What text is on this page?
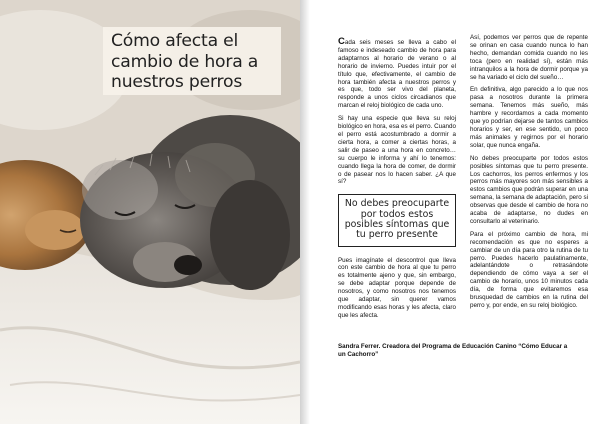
Cómo afecta el cambio de hora a nuestros perros

Cada seis meses se lleva a cabo el famoso e indeseado cambio de hora para adaptarnos al horario de verano o al horario de invierno. Puedes intuir por el título que, efectivamente, el cambio de hora también afecta a nuestros perros y es que, todo ser vivo del planeta, responde a unos ciclos circadianos que marcan el reloj biológico de cada uno.

Si hay una especie que lleva su reloj biológico en hora, esa es el perro. Cuando el perro está acostumbrado a dormir a cierta hora, a comer a ciertas horas, a salir de paseo a una hora en concreto… su cuerpo le informa y ahí lo tenemos: cuando llega la hora de comer, de dormir o de pasear nos lo hacen saber. ¿A que sí?

No debes preocuparte por todos estos posibles síntomas que tu perro presente

Pues imagínate el descontrol que lleva con este cambio de hora al que tu perro es totalmente ajeno y que, sin embargo, se debe adaptar porque depende de nosotros, y como nosotros nos tenemos que adaptar, sin querer vamos modificando esas horas y les afecta, claro que les afecta.

Así, podemos ver perros que de repente se orinan en casa cuando nunca lo han hecho, demandan comida cuando no les toca (pero en realidad sí), están más intranquilos a la hora de dormir porque ya se ha variado el ciclo del sueño…

En definitiva, algo parecido a lo que nos pasa a nosotros durante la primera semana. Tenemos más sueño, más hambre y recordamos a cada momento que yo podrían dejarse de tantos cambios horarios y ser, en ese sentido, un poco más animales y regirnos por el horario solar, que nunca engaña.

No debes preocuparte por todos estos posibles síntomas que tu perro presente. Los cachorros, los perros enfermos y los perros más mayores son más sensibles a estos cambios que podrán superar en una semana, la semana de adaptación, pero si observas que desde el cambio de hora no acaba de adaptarse, no dudes en consultarlo al veterinario.

Para el próximo cambio de hora, mi recomendación es que no esperes a cambiar de un día para otro la rutina de tu perro. Puedes hacerlo paulatinamente, adelantándote o retrasándote dependiendo de cómo vaya a ser el cambio de horario, unos 10 minutos cada día, de forma que evitaremos esa brusquedad de cambios en la rutina del perro y, por ende, en su reloj biológico.

Sandra Ferrer. Creadora del Programa de Educación Canino “Cómo Educar a un Cachorro”
